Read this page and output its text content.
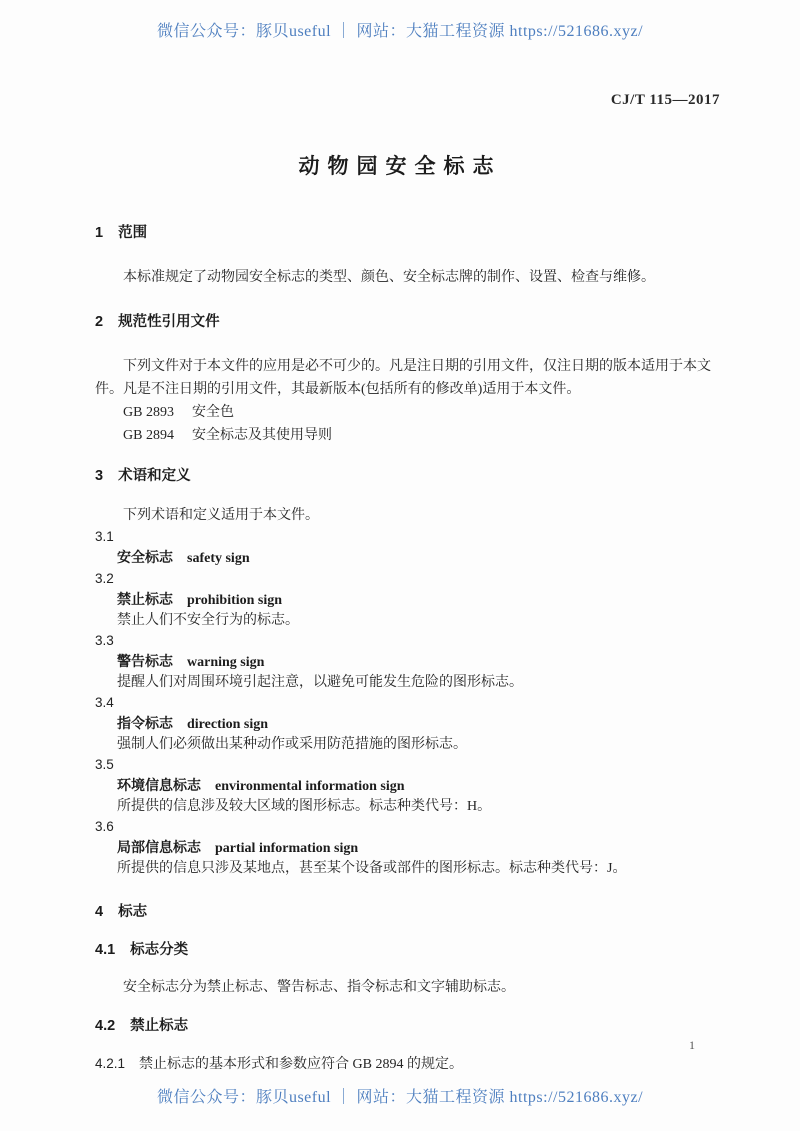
微信公众号：豚贝useful ｜ 网站：大猫工程资源 https://521686.xyz/
CJ/T 115—2017
动物园安全标志
1 范围
本标准规定了动物园安全标志的类型、颜色、安全标志牌的制作、设置、检查与维修。
2 规范性引用文件
下列文件对于本文件的应用是必不可少的。凡是注日期的引用文件，仅注日期的版本适用于本文件。凡是不注日期的引用文件，其最新版本(包括所有的修改单)适用于本文件。
GB 2893 安全色
GB 2894 安全标志及其使用导则
3 术语和定义
下列术语和定义适用于本文件。
3.1
安全标志 safety sign
3.2
禁止标志 prohibition sign
禁止人们不安全行为的标志。
3.3
警告标志 warning sign
提醒人们对周围环境引起注意，以避免可能发生危险的图形标志。
3.4
指令标志 direction sign
强制人们必须做出某种动作或采用防范措施的图形标志。
3.5
环境信息标志 environmental information sign
所提供的信息涉及较大区域的图形标志。标志种类代号：H。
3.6
局部信息标志 partial information sign
所提供的信息只涉及某地点，甚至某个设备或部件的图形标志。标志种类代号：J。
4 标志
4.1 标志分类
安全标志分为禁止标志、警告标志、指令标志和文字辅助标志。
4.2 禁止标志
4.2.1 禁止标志的基本形式和参数应符合 GB 2894 的规定。
1
微信公众号：豚贝useful ｜ 网站：大猫工程资源 https://521686.xyz/
